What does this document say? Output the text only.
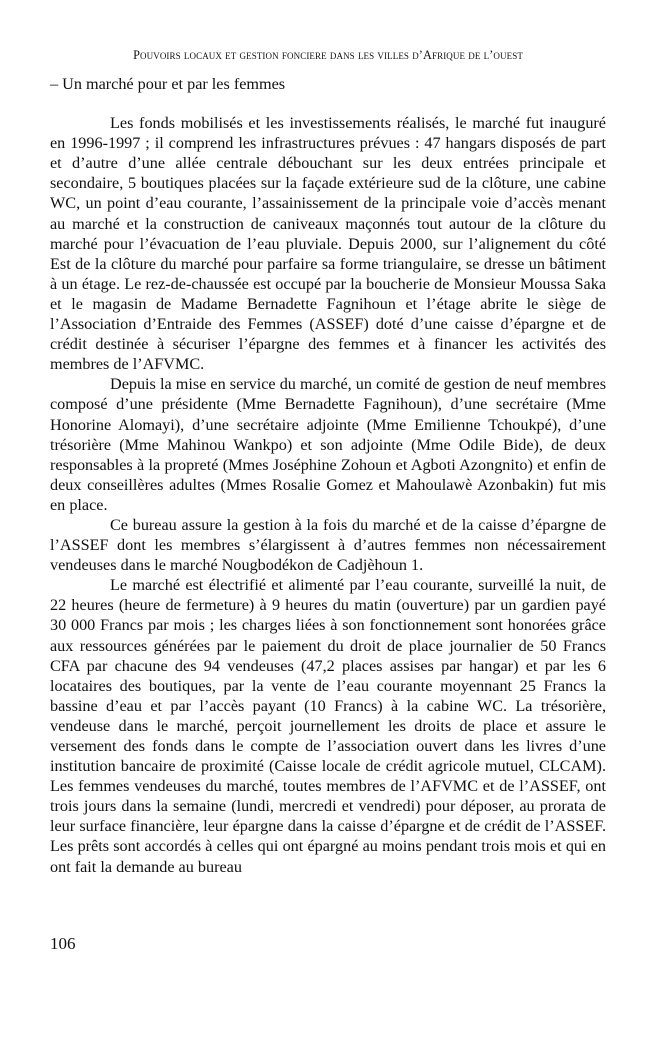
Pouvoirs locaux et gestion fonciere dans les villes d’Afrique de l’ouest
– Un marché pour et par les femmes

Les fonds mobilisés et les investissements réalisés, le marché fut inauguré en 1996-1997 ; il comprend les infrastructures prévues : 47 hangars disposés de part et d’autre d’une allée centrale débouchant sur les deux entrées principale et secondaire, 5 boutiques placées sur la façade extérieure sud de la clôture, une cabine WC, un point d’eau courante, l’assainissement de la principale voie d’accès menant au marché et la construction de caniveaux maçonnés tout autour de la clôture du marché pour l’évacuation de l’eau pluviale. Depuis 2000, sur l’alignement du côté Est de la clôture du marché pour parfaire sa forme triangulaire, se dresse un bâtiment à un étage. Le rez-de-chaussée est occupé par la boucherie de Monsieur Moussa Saka et le magasin de Madame Bernadette Fagnihoun et l’étage abrite le siège de l’Association d’Entraide des Femmes (ASSEF) doté d’une caisse d’épargne et de crédit destinée à sécuriser l’épargne des femmes et à financer les activités des membres de l’AFVMC.

Depuis la mise en service du marché, un comité de gestion de neuf membres composé d’une présidente (Mme Bernadette Fagnihoun), d’une secrétaire (Mme Honorine Alomayi), d’une secrétaire adjointe (Mme Emilienne Tchoukpé), d’une trésorière (Mme Mahinou Wankpo) et son adjointe (Mme Odile Bide), de deux responsables à la propreté (Mmes Joséphine Zohoun et Agboti Azongnito) et enfin de deux conseillères adultes (Mmes Rosalie Gomez et Mahoulawè Azonbakin) fut mis en place.

Ce bureau assure la gestion à la fois du marché et de la caisse d’épargne de l’ASSEF dont les membres s’élargissent à d’autres femmes non nécessairement vendeuses dans le marché Nougbodékon de Cadjèhoun 1.

Le marché est électrifié et alimenté par l’eau courante, surveillé la nuit, de 22 heures (heure de fermeture) à 9 heures du matin (ouverture) par un gardien payé 30 000 Francs par mois ; les charges liées à son fonctionnement sont honorées grâce aux ressources générées par le paiement du droit de place journalier de 50 Francs CFA par chacune des 94 vendeuses (47,2 places assises par hangar) et par les 6 locataires des boutiques, par la vente de l’eau courante moyennant 25 Francs la bassine d’eau et par l’accès payant (10 Francs) à la cabine WC. La trésorière, vendeuse dans le marché, perçoit journellement les droits de place et assure le versement des fonds dans le compte de l’association ouvert dans les livres d’une institution bancaire de proximité (Caisse locale de crédit agricole mutuel, CLCAM). Les femmes vendeuses du marché, toutes membres de l’AFVMC et de l’ASSEF, ont trois jours dans la semaine (lundi, mercredi et vendredi) pour déposer, au prorata de leur surface financière, leur épargne dans la caisse d’épargne et de crédit de l’ASSEF. Les prêts sont accordés à celles qui ont épargné au moins pendant trois mois et qui en ont fait la demande au bureau

106
